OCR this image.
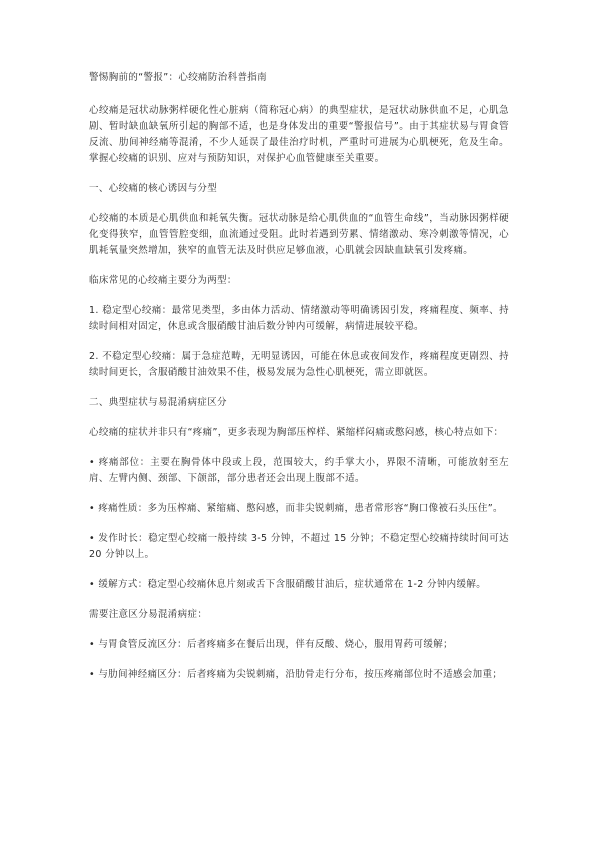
警惕胸前的“警报”：心绞痛防治科普指南

心绞痛是冠状动脉粥样硬化性心脏病（简称冠心病）的典型症状，是冠状动脉供血不足，心肌急剧、暂时缺血缺氧所引起的胸部不适，也是身体发出的重要“警报信号”。由于其症状易与胃食管反流、肋间神经痛等混淆，不少人延误了最佳治疗时机，严重时可进展为心肌梗死，危及生命。掌握心绞痛的识别、应对与预防知识，对保护心血管健康至关重要。

一、心绞痛的核心诱因与分型

心绞痛的本质是心肌供血和耗氧失衡。冠状动脉是给心肌供血的“血管生命线”，当动脉因粥样硬化变得狭窄，血管管腔变细，血流通过受阻。此时若遇到劳累、情绪激动、寒冷刺激等情况，心肌耗氧量突然增加，狭窄的血管无法及时供应足够血液，心肌就会因缺血缺氧引发疼痛。

临床常见的心绞痛主要分为两型：

1. 稳定型心绞痛：最常见类型，多由体力活动、情绪激动等明确诱因引发，疼痛程度、频率、持续时间相对固定，休息或含服硝酸甘油后数分钟内可缓解，病情进展较平稳。

2. 不稳定型心绞痛：属于急症范畴，无明显诱因，可能在休息或夜间发作，疼痛程度更剧烈、持续时间更长，含服硝酸甘油效果不佳，极易发展为急性心肌梗死，需立即就医。

二、典型症状与易混淆病症区分

心绞痛的症状并非只有“疼痛”，更多表现为胸部压榨样、紧缩样闷痛或憋闷感，核心特点如下：

• 疼痛部位：主要在胸骨体中段或上段，范围较大，约手掌大小，界限不清晰，可能放射至左肩、左臂内侧、颈部、下颌部，部分患者还会出现上腹部不适。

• 疼痛性质：多为压榨痛、紧缩痛、憋闷感，而非尖锐刺痛，患者常形容“胸口像被石头压住”。

• 发作时长：稳定型心绞痛一般持续 3-5 分钟，不超过 15 分钟；不稳定型心绞痛持续时间可达 20 分钟以上。

• 缓解方式：稳定型心绞痛休息片刻或舌下含服硝酸甘油后，症状通常在 1-2 分钟内缓解。

需要注意区分易混淆病症：

• 与胃食管反流区分：后者疼痛多在餐后出现，伴有反酸、烧心，服用胃药可缓解；

• 与肋间神经痛区分：后者疼痛为尖锐刺痛，沿肋骨走行分布，按压疼痛部位时不适感会加重；
